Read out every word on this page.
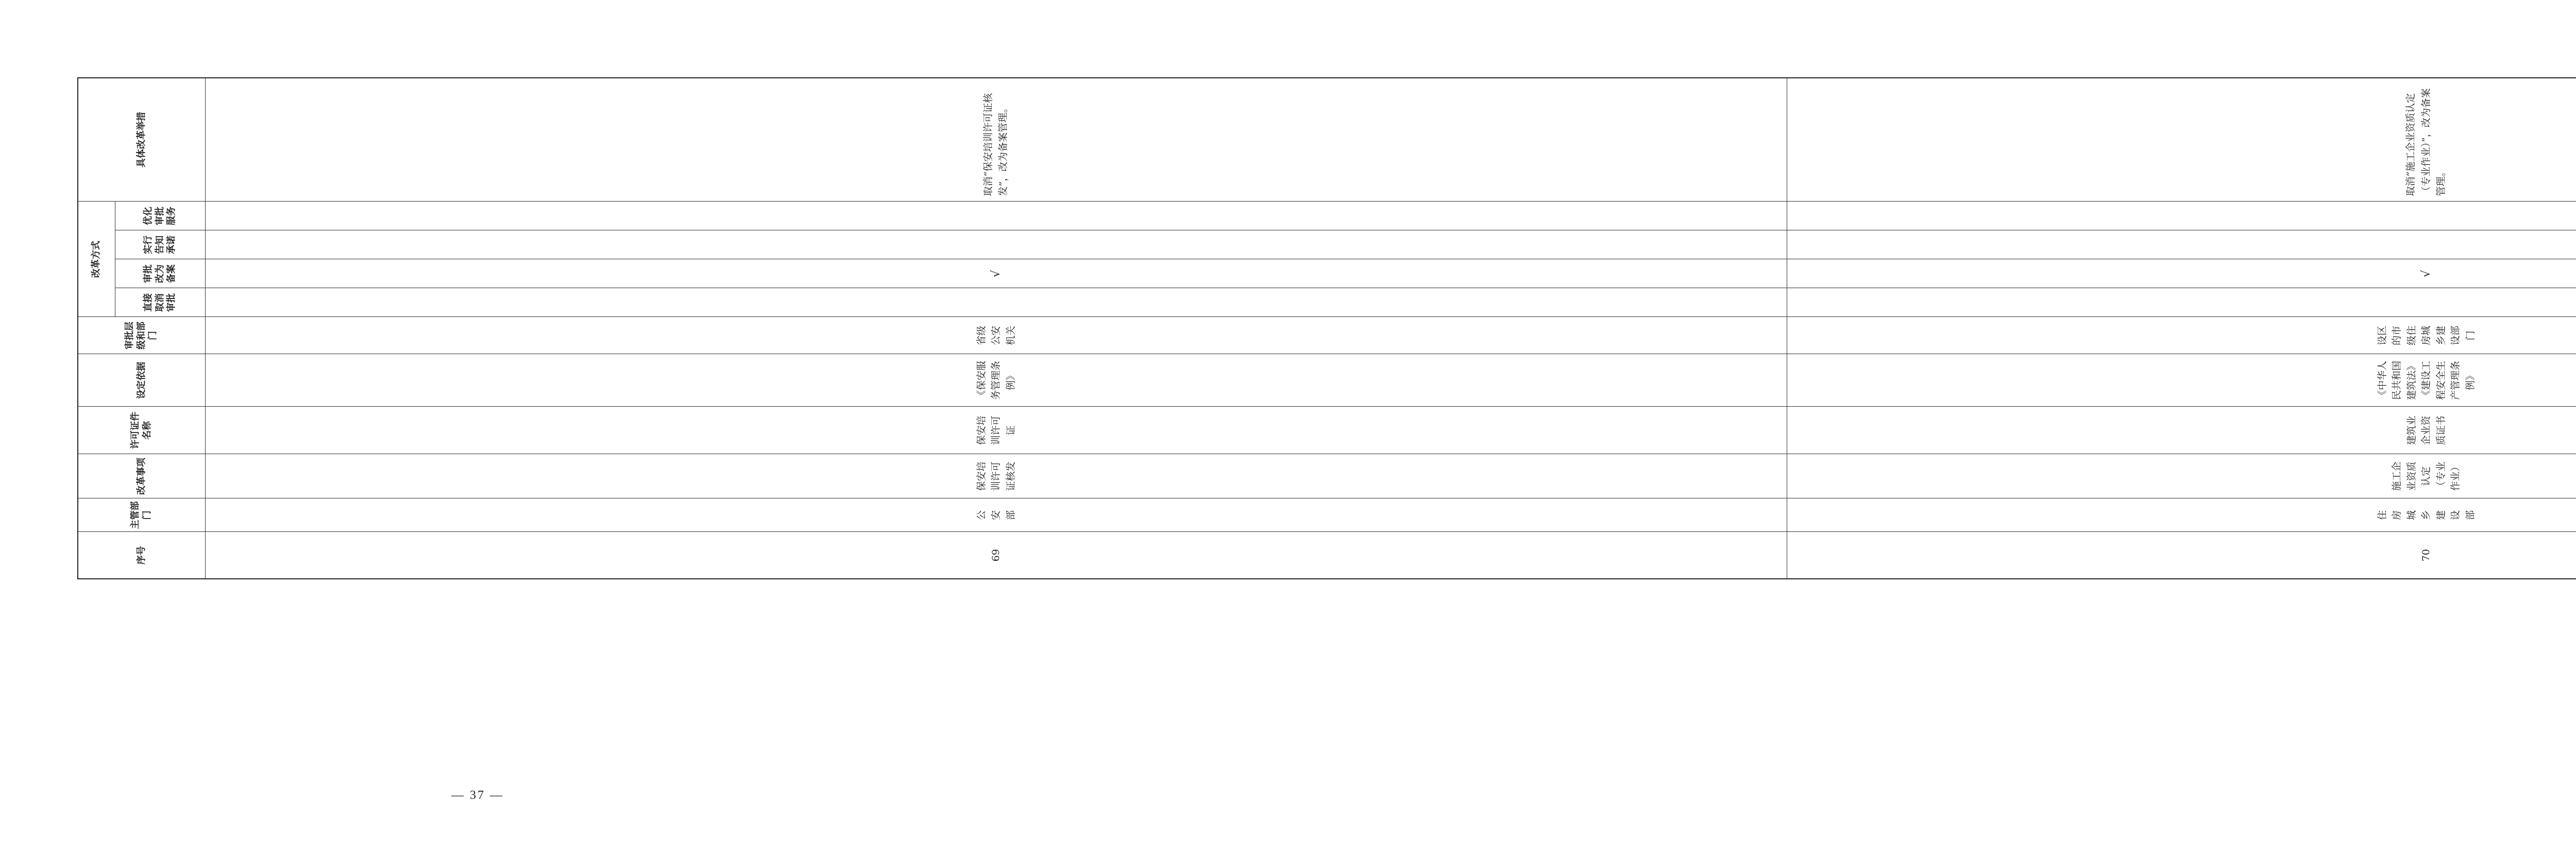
序号	主管部门	改革事项	许可证件名称	设定依据	审批层级和部门	改革方式				具体改革举措	
						直接取消审批	审批改为备案	实行告知承诺	优化审批服务		
69	公安部	保安培训许可证核发	保安培训许可证	《保安服务管理条例》	省级公安机关		√			取消“保安培训许可证核发”，改为备案管理。	
70	住房城乡建设部	施工企业资质认定（专业作业）	建筑业企业资质证书	《中华人民共和国建筑法》《建设工程安全生产管理条例》	设区的市级住房城乡建设部门		√			取消“施工企业资质认定（专业作业）”，改为备案管理。	

— 37 —
